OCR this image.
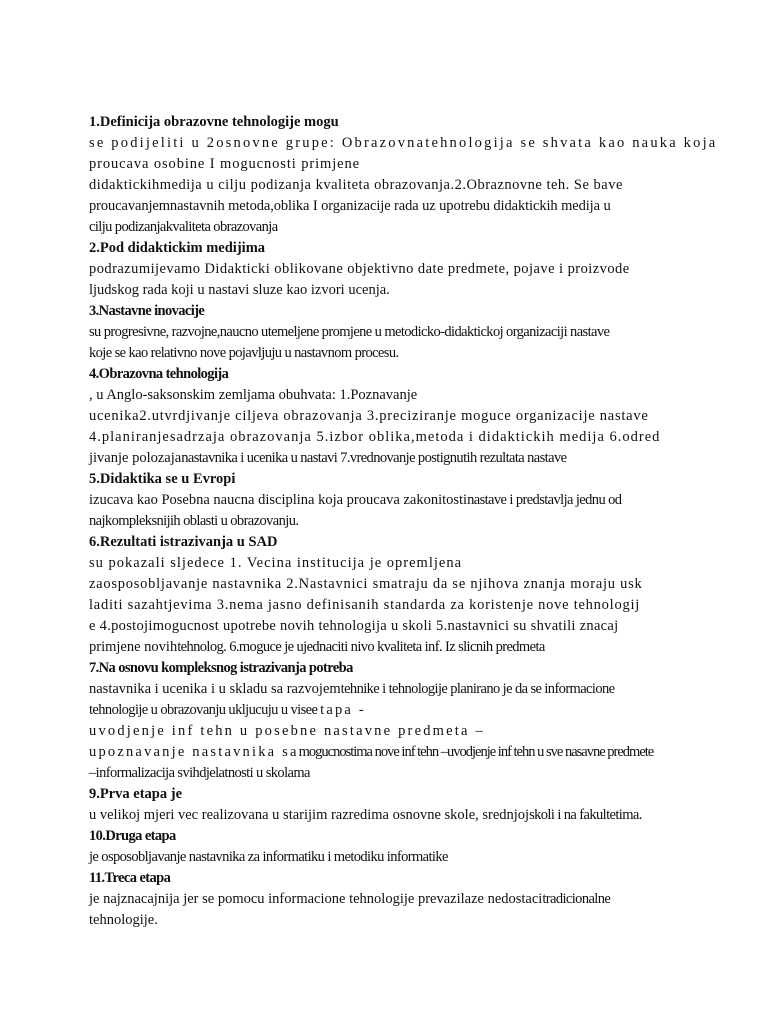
1.Definicija obrazovne tehnologije mogu
se podijeliti u 2osnovne grupe: Obrazovnatehnologija se shvata kao nauka koja
proucava osobine I mogucnosti primjene
didaktickihmedija u cilju podizanja kvaliteta obrazovanja.2.Obraznovne teh. Se bave
proucavanjemnastavnih metoda,oblika I organizacije rada uz upotrebu didaktickih medija u
cilju podizanjakvaliteta obrazovanja
2.Pod didaktickim medijima
podrazumijevamo Didakticki oblikovane objektivno date predmete, pojave i proizvode
ljudskog rada koji u nastavi sluze kao izvori ucenja.
3.Nastavne inovacije
su progresivne, razvojne,naucno utemeljene promjene u metodicko-didaktickoj organizaciji nastave
koje se kao relativno nove pojavljuju u nastavnom procesu.
4.Obrazovna tehnologija
, u Anglo-saksonskim zemljama obuhvata: 1.Poznavanje
ucenika2.utvrdjivanje ciljeva obrazovanja 3.preciziranje moguce organizacije nastave
4.planiranjesadrzaja obrazovanja 5.izbor oblika,metoda i didaktickih medija 6.odred
jivanje polozajanastavnika i ucenika u nastavi 7.vrednovanje postignutih rezultata nastave
5.Didaktika se u Evropi
izucava kao Posebna naucna disciplina koja proucava zakonitostinastave i predstavlja jednu od
najkompleksnijih oblasti u obrazovanju.
6.Rezultati istrazivanja u SAD
su pokazali sljedece 1. Vecina institucija je opremljena
zaosposobljavanje nastavnika 2.Nastavnici smatraju da se njihova znanja moraju usk
laditi sazahtjevima 3.nema jasno definisanih standarda za koristenje nove tehnologij
e 4.postojimogucnost upotrebe novih tehnologija u skoli 5.nastavnici su shvatili znacaj
primjene novihtehnolog. 6.moguce je ujednaciti nivo kvaliteta inf. Iz slicnih predmeta
7.Na osnovu kompleksnog istrazivanja potreba
nastavnika i ucenika i u skladu sa razvojemtehnike i tehnologije planirano je da se informacione
tehnologije u obrazovanju ukljucuju u viseetapa -
uvodjenje inf tehn u posebne nastavne predmeta –
upoznavanje nastavnika samogucnostima nove inf tehn –uvodjenje inf tehn u sve nasavne predmete
–informalizacija svihdjelatnosti u skolama
9.Prva etapa je
u velikoj mjeri vec realizovana u starijim razredima osnovne skole, srednjojskoli i na fakultetima.
10.Druga etapa
je osposobljavanje nastavnika za informatiku i metodiku informatike
11.Treca etapa
je najznacajnija jer se pomocu informacione tehnologije prevazilaze nedostacitradicionalne
tehnologije.
